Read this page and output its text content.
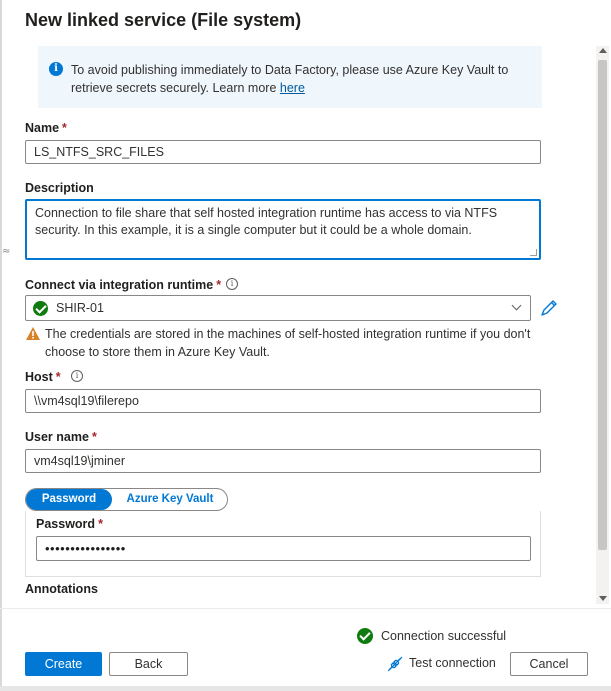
≈
New linked service (File system)
i	To avoid publishing immediately to Data Factory, please use Azure Key Vault to retrieve secrets securely. Learn more here
Name *
LS_NTFS_SRC_FILES
Description
Connection to file share that self hosted integration runtime has access to via NTFS security. In this example, it is a single computer but it could be a whole domain.
Connect via integration runtime *	i
SHIR-01
The credentials are stored in the machines of self-hosted integration runtime if you don't choose to store them in Azure Key Vault.
Host *	i
\\vm4sql19\filerepo
User name *
vm4sql19\jminer
Password	Azure Key Vault
Password *
••••••••••••••••
Annotations
Connection successful
Create	Back	Test connection	Cancel
